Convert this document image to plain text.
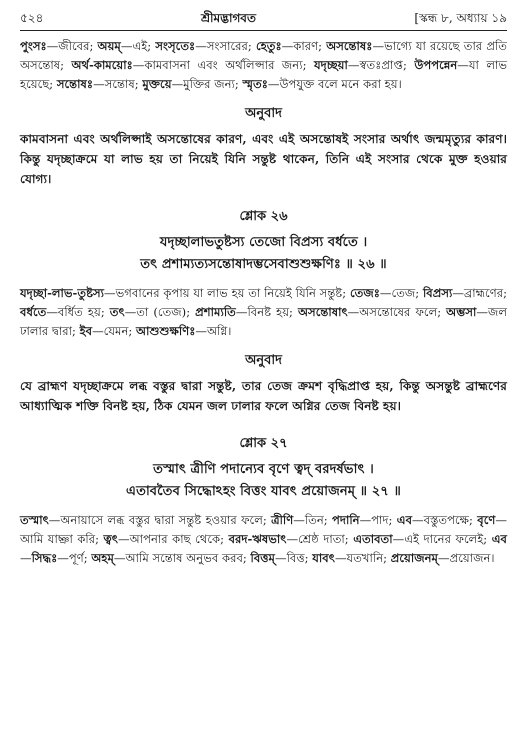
৫২৪	শ্রীমদ্ভাগবত	[স্কন্ধ ৮, অধ্যায় ১৯

পুংসঃ—জীবের; অয়ম্—এই; সংসৃতেঃ—সংসারের; হেতুঃ—কারণ; অসন্তোষঃ—ভাগ্যে যা রয়েছে তার প্রতি অসন্তোষ; অর্থ-কাময়োঃ—কামবাসনা এবং অর্থলিপ্সার জন্য; যদৃচ্ছয়া—স্বতঃপ্রাপ্ত; উপপন্নেন—যা লাভ হয়েছে; সন্তোষঃ—সন্তোষ; মুক্তয়ে—মুক্তির জন্য; স্মৃতঃ—উপযুক্ত বলে মনে করা হয়।

অনুবাদ

কামবাসনা এবং অর্থলিপ্সাই অসন্তোষের কারণ, এবং এই অসন্তোষই সংসার অর্থাৎ জন্মমৃত্যুর কারণ। কিন্তু যদৃচ্ছাক্রমে যা লাভ হয় তা নিয়েই যিনি সন্তুষ্ট থাকেন, তিনি এই সংসার থেকে মুক্ত হওয়ার যোগ্য।

শ্লোক ২৬

যদৃচ্ছালাভতুষ্টস্য তেজো বিপ্রস্য বর্ধতে ।

তৎ প্রশাম্যত্যসন্তোষাদম্ভসেবাশুশুক্ষণিঃ ॥ ২৬ ॥

যদৃচ্ছা-লাভ-তুষ্টস্য—ভগবানের কৃপায় যা লাভ হয় তা নিয়েই যিনি সন্তুষ্ট; তেজঃ—তেজ; বিপ্রস্য—ব্রাহ্মণের; বর্ধতে—বর্ধিত হয়; তৎ—তা (তেজ); প্রশাম্যতি—বিনষ্ট হয়; অসন্তোষাৎ—অসন্তোষের ফলে; অম্ভসা—জল ঢালার দ্বারা; ইব—যেমন; আশুশুক্ষণিঃ—অগ্নি।

অনুবাদ

যে ব্রাহ্মণ যদৃচ্ছাক্রমে লব্ধ বস্তুর দ্বারা সন্তুষ্ট, তার তেজ ক্রমশ বৃদ্ধিপ্রাপ্ত হয়, কিন্তু অসন্তুষ্ট ব্রাহ্মণের আধ্যাত্মিক শক্তি বিনষ্ট হয়, ঠিক যেমন জল ঢালার ফলে অগ্নির তেজ বিনষ্ট হয়।

শ্লোক ২৭

তস্মাৎ ত্রীণি পদান্যেব বৃণে ত্বদ্ বরদর্ষভাৎ ।

এতাবতৈব সিদ্ধোঽহং বিত্তং যাবৎ প্রয়োজনম্ ॥ ২৭ ॥

তস্মাৎ—অনায়াসে লব্ধ বস্তুর দ্বারা সন্তুষ্ট হওয়ার ফলে; ত্রীণি—তিন; পদানি—পাদ; এব—বস্তুতপক্ষে; বৃণে—আমি যাচ্ঞা করি; ত্বৎ—আপনার কাছ থেকে; বরদ-ঋষভাৎ—শ্রেষ্ঠ দাতা; এতাবতা—এই দানের ফলেই; এব—সিদ্ধঃ—পূর্ণ; অহম্—আমি সন্তোষ অনুভব করব; বিত্তম্—বিত্ত; যাবৎ—যতখানি; প্রয়োজনম্—প্রয়োজন।
